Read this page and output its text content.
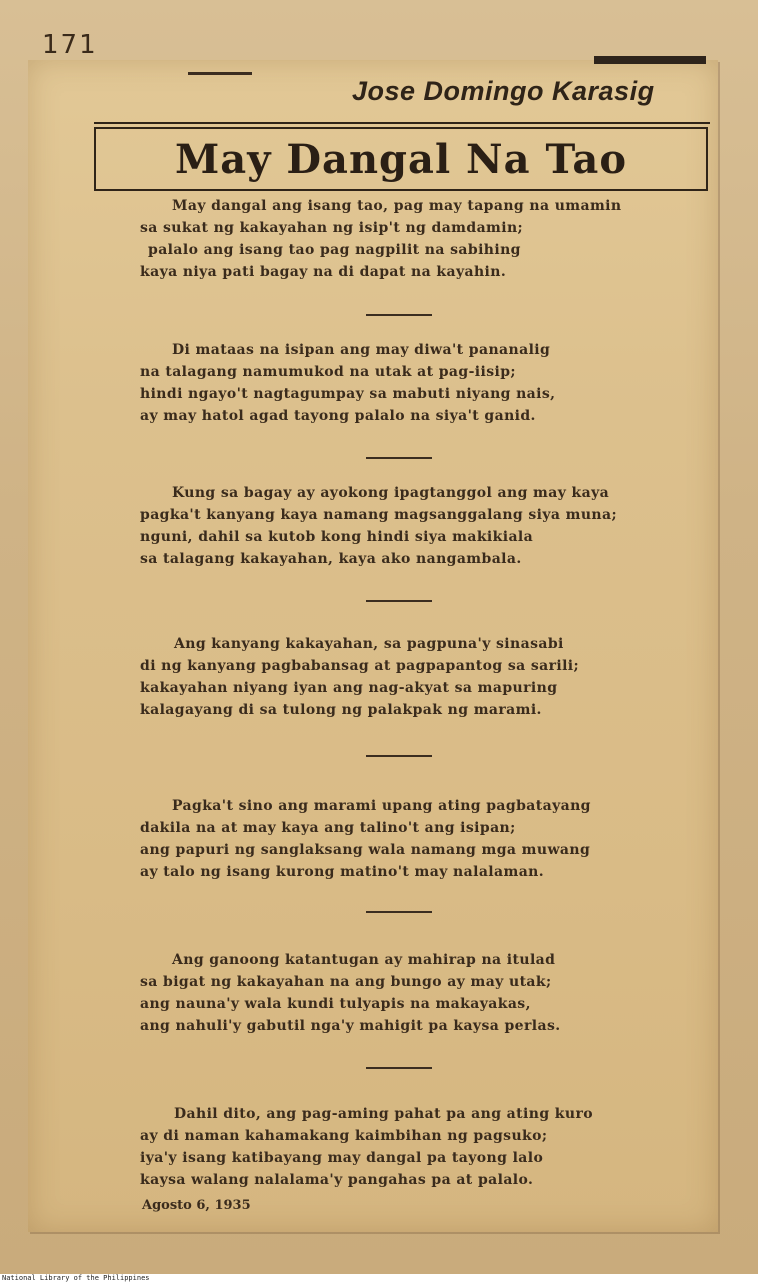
171
Jose Domingo Karasig
May Dangal Na Tao
May dangal ang isang tao, pag may tapang na umamin
sa sukat ng kakayahan ng isip't ng damdamin;
palalo ang isang tao pag nagpilit na sabihing
kaya niya pati bagay na di dapat na kayahin.
Di mataas na isipan ang may diwa't pananalig
na talagang namumukod na utak at pag-iisip;
hindi ngayo't nagtagumpay sa mabuti niyang nais,
ay may hatol agad tayong palalo na siya't ganid.
Kung sa bagay ay ayokong ipagtanggol ang may kaya
pagka't kanyang kaya namang magsanggalang siya muna;
nguni, dahil sa kutob kong hindi siya makikiala
sa talagang kakayahan, kaya ako nangambala.
Ang kanyang kakayahan, sa pagpuna'y sinasabi
di ng kanyang pagbabansag at pagpapantog sa sarili;
kakayahan niyang iyan ang nag-akyat sa mapuring
kalagayang di sa tulong ng palakpak ng marami.
Pagka't sino ang marami upang ating pagbatayang
dakila na at may kaya ang talino't ang isipan;
ang papuri ng sanglaksang wala namang mga muwang
ay talo ng isang kurong matino't may nalalaman.
Ang ganoong katantugan ay mahirap na itulad
sa bigat ng kakayahan na ang bungo ay may utak;
ang nauna'y wala kundi tulyapis na makayakas,
ang nahuli'y gabutil nga'y mahigit pa kaysa perlas.
Dahil dito, ang pag-aming pahat pa ang ating kuro
ay di naman kahamakang kaimbihan ng pagsuko;
iya'y isang katibayang may dangal pa tayong lalo
kaysa walang nalalama'y pangahas pa at palalo.
Agosto 6, 1935
National Library of the Philippines
